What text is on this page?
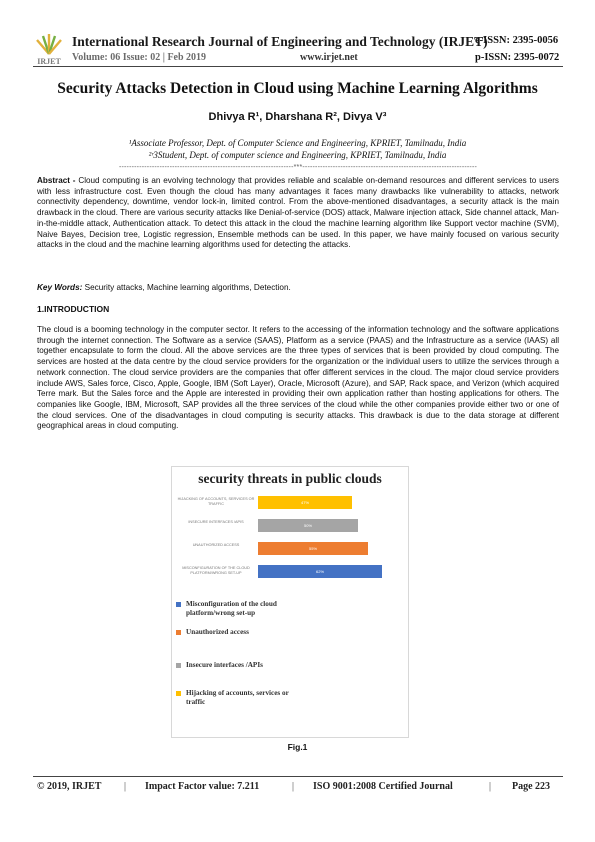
IRJET
International Research Journal of Engineering and Technology (IRJET)
e-ISSN: 2395-0056
Volume: 06 Issue: 02 | Feb 2019	www.irjet.net	p-ISSN: 2395-0072
Security Attacks Detection in Cloud using Machine Learning Algorithms
Dhivya R¹, Dharshana R², Divya V³
¹Associate Professor, Dept. of Computer Science and Engineering, KPRIET, Tamilnadu, India
²ʳ3Student, Dept. of computer science and Engineering, KPRIET, Tamilnadu, India
---------------------------------------------------------------------***---------------------------------------------------------------------
Abstract - Cloud computing is an evolving technology that provides reliable and scalable on-demand resources and different services to users with less infrastructure cost. Even though the cloud has many advantages it faces many drawbacks like vulnerability to attacks, network connectivity dependency, downtime, vendor lock-in, limited control. From the above-mentioned disadvantages, a security attack is the main drawback in the cloud. There are various security attacks like Denial-of-service (DOS) attack, Malware injection attack, Side channel attack, Man-in-the-middle attack, Authentication attack. To detect this attack in the cloud the machine learning algorithm like Support vector machine (SVM), Naive Bayes, Decision tree, Logistic regression, Ensemble methods can be used. In this paper, we have mainly focused on various security attacks in the cloud and the machine learning algorithms used for detecting the attacks.
Key Words: Security attacks, Machine learning algorithms, Detection.
1.INTRODUCTION
The cloud is a booming technology in the computer sector. It refers to the accessing of the information technology and the software applications through the internet connection. The Software as a service (SAAS), Platform as a service (PAAS) and the Infrastructure as a service (IAAS) all together encapsulate to form the cloud. All the above services are the three types of services that is been provided by cloud computing. The services are hosted at the data centre by the cloud service providers for the organization or the individual users to utilize the services through a network connection. The cloud service providers are the companies that offer different services in the cloud. The major cloud service providers include AWS, Sales force, Cisco, Apple, Google, IBM (Soft Layer), Oracle, Microsoft (Azure), and SAP, Rack space, and Verizon (which acquired Terre mark. But the Sales force and the Apple are interested in providing their own application rather than hosting applications for others. The companies like Google, IBM, Microsoft, SAP provides all the three services of the cloud while the other companies provide either two or one of the cloud services. One of the disadvantages in cloud computing is security attacks. This drawback is due to the data storage at different geographical areas in cloud computing.
security threats in public clouds
HIJACKING OF ACCOUNTS, SERVICES OR TRAFFIC	47%
INSECURE INTERFACES /APIS
50%
UNAUTHORIZED ACCESS
55%
MISCONFIGURATION OF THE CLOUD PLATFORM/WRONG SET-UP	62%
Misconfiguration of the cloud platform/wrong set-up
Unauthorized access
Insecure interfaces /APIs
Hijacking of accounts, services or traffic
Fig.1
© 2019, IRJET | Impact Factor value: 7.211	| ISO 9001:2008 Certified Journal	| Page 223
